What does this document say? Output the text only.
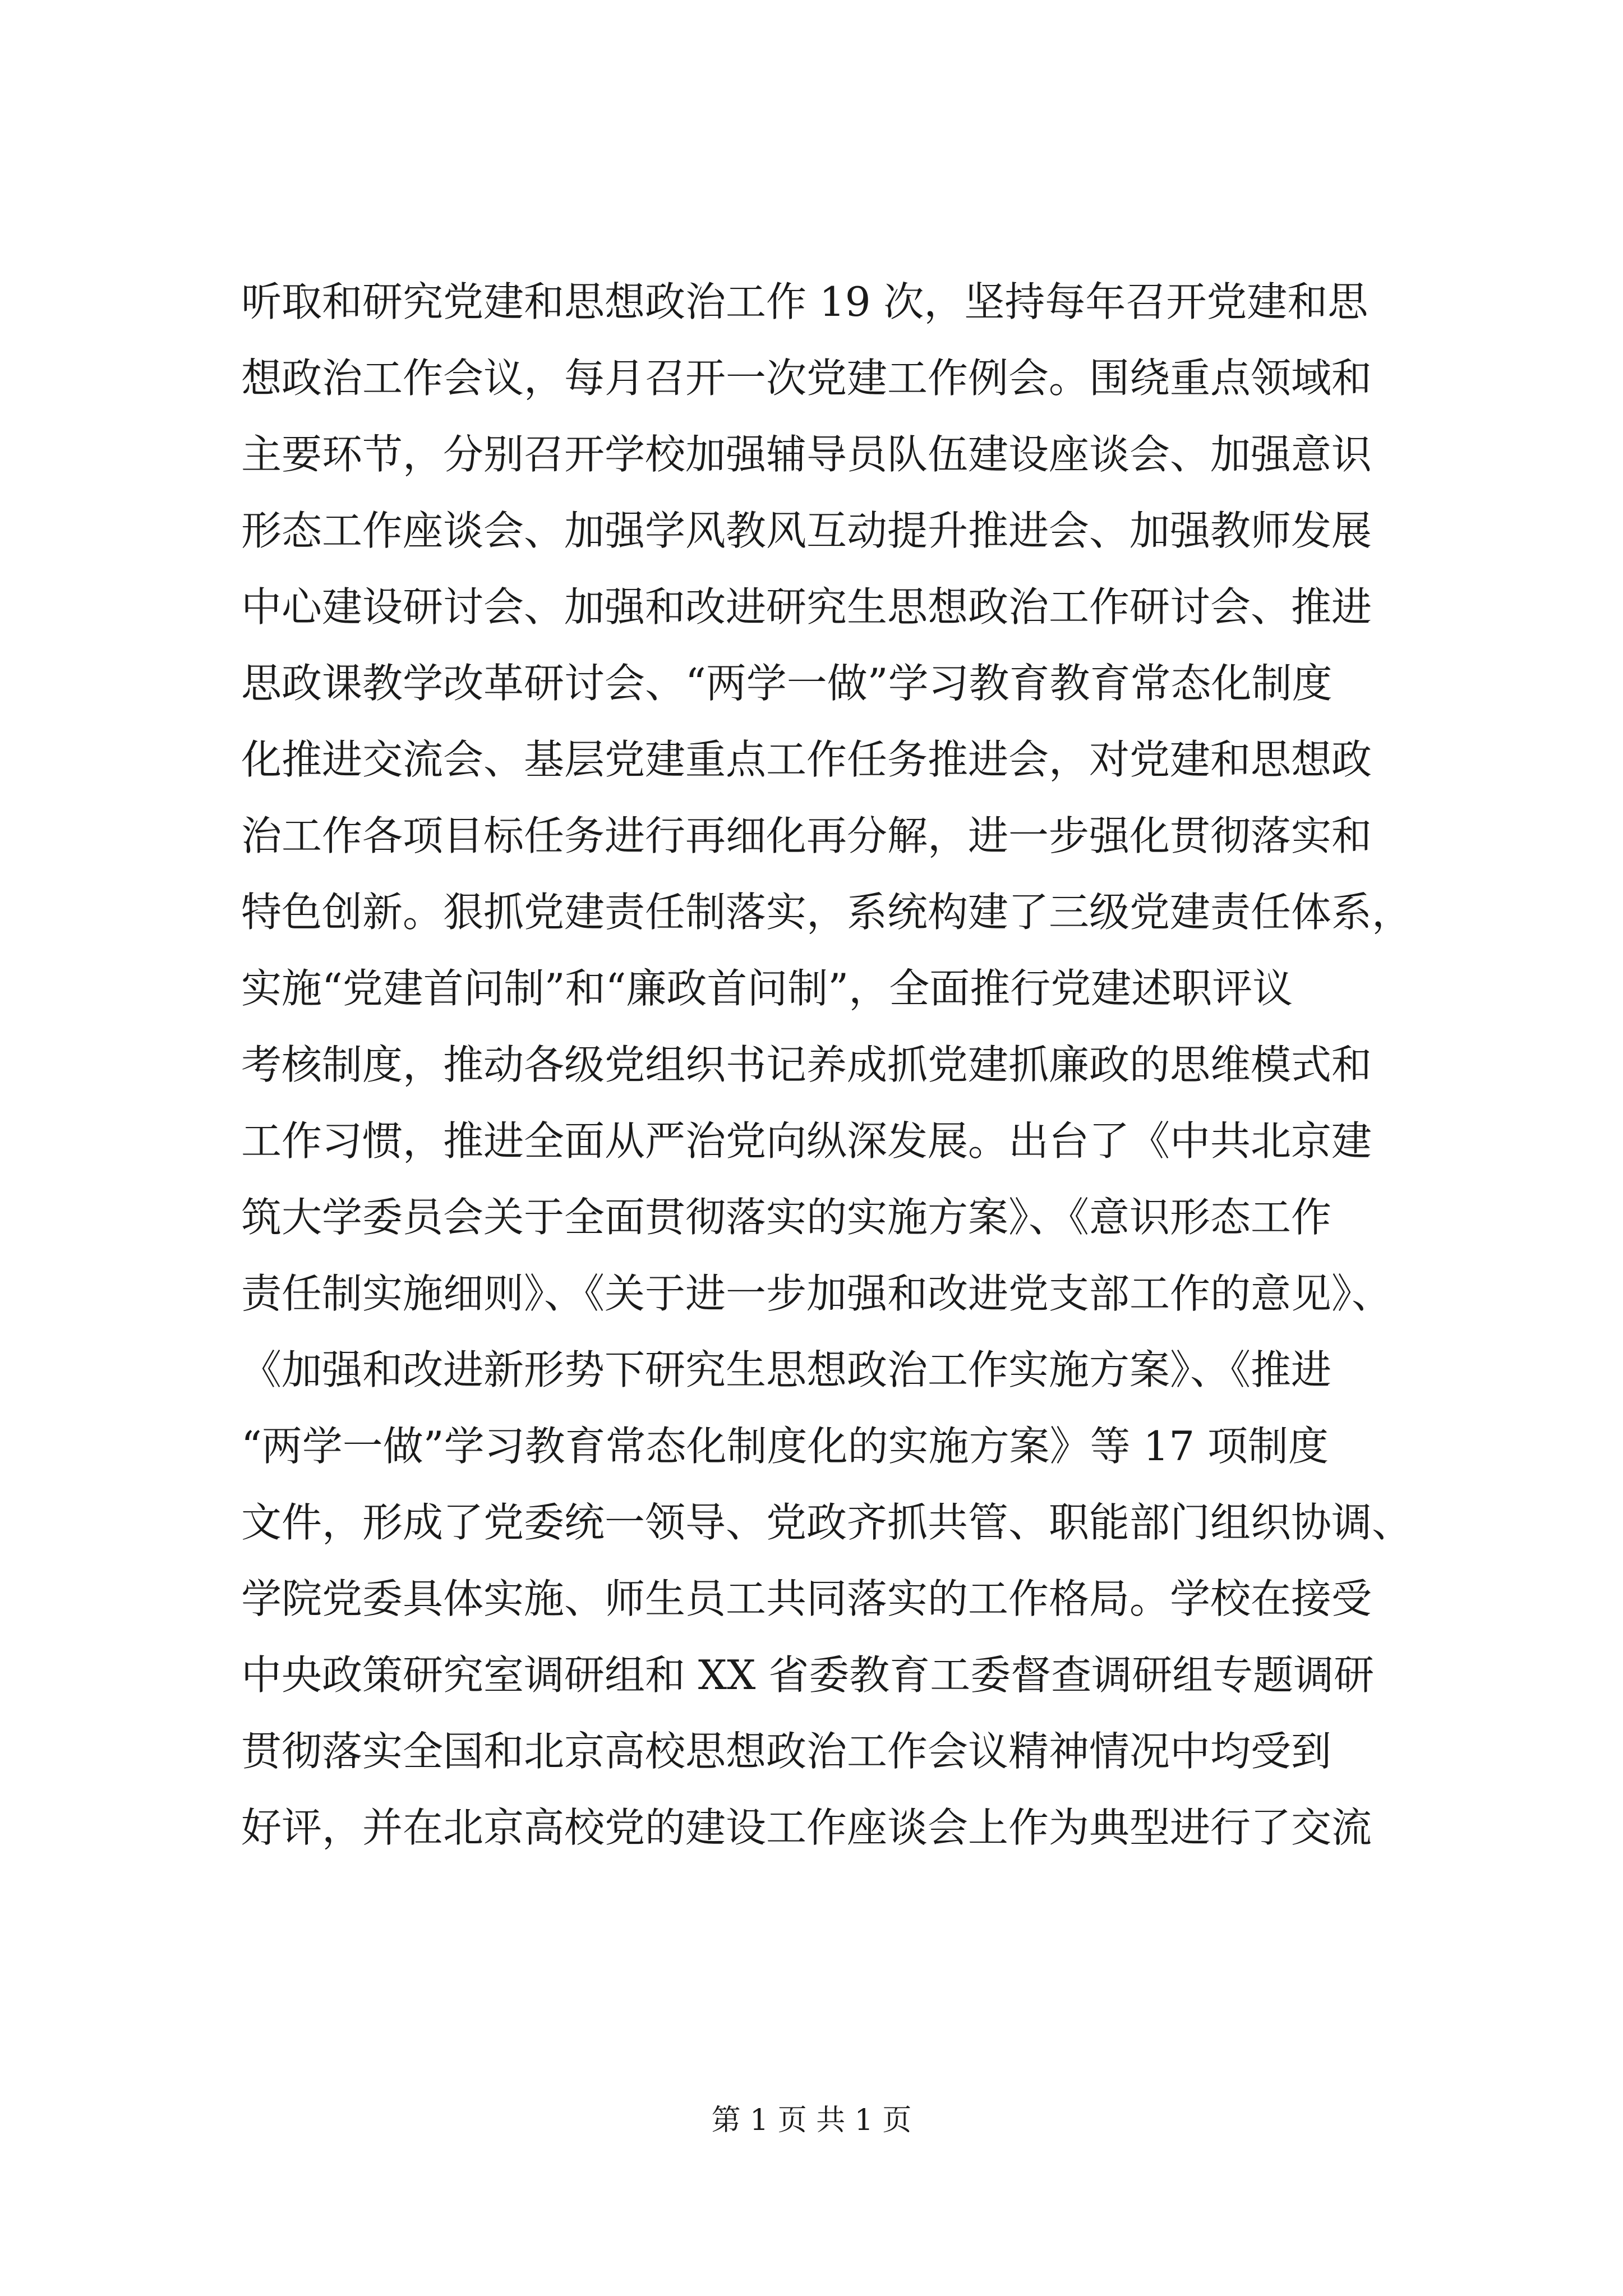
听取和研究党建和思想政治工作 19 次，坚持每年召开党建和思
想政治工作会议，每月召开一次党建工作例会。围绕重点领域和
主要环节，分别召开学校加强辅导员队伍建设座谈会、加强意识
形态工作座谈会、加强学风教风互动提升推进会、加强教师发展
中心建设研讨会、加强和改进研究生思想政治工作研讨会、推进
思政课教学改革研讨会、“两学一做”学习教育教育常态化制度
化推进交流会、基层党建重点工作任务推进会，对党建和思想政
治工作各项目标任务进行再细化再分解，进一步强化贯彻落实和
特色创新。狠抓党建责任制落实，系统构建了三级党建责任体系，
实施“党建首问制”和“廉政首问制”，全面推行党建述职评议
考核制度，推动各级党组织书记养成抓党建抓廉政的思维模式和
工作习惯，推进全面从严治党向纵深发展。出台了《中共北京建
筑大学委员会关于全面贯彻落实的实施方案》、《意识形态工作
责任制实施细则》、《关于进一步加强和改进党支部工作的意见》、
《加强和改进新形势下研究生思想政治工作实施方案》、《推进
“两学一做”学习教育常态化制度化的实施方案》等 17 项制度
文件，形成了党委统一领导、党政齐抓共管、职能部门组织协调、
学院党委具体实施、师生员工共同落实的工作格局。学校在接受
中央政策研究室调研组和 XX 省委教育工委督查调研组专题调研
贯彻落实全国和北京高校思想政治工作会议精神情况中均受到
好评，并在北京高校党的建设工作座谈会上作为典型进行了交流
第 1 页 共 1 页
